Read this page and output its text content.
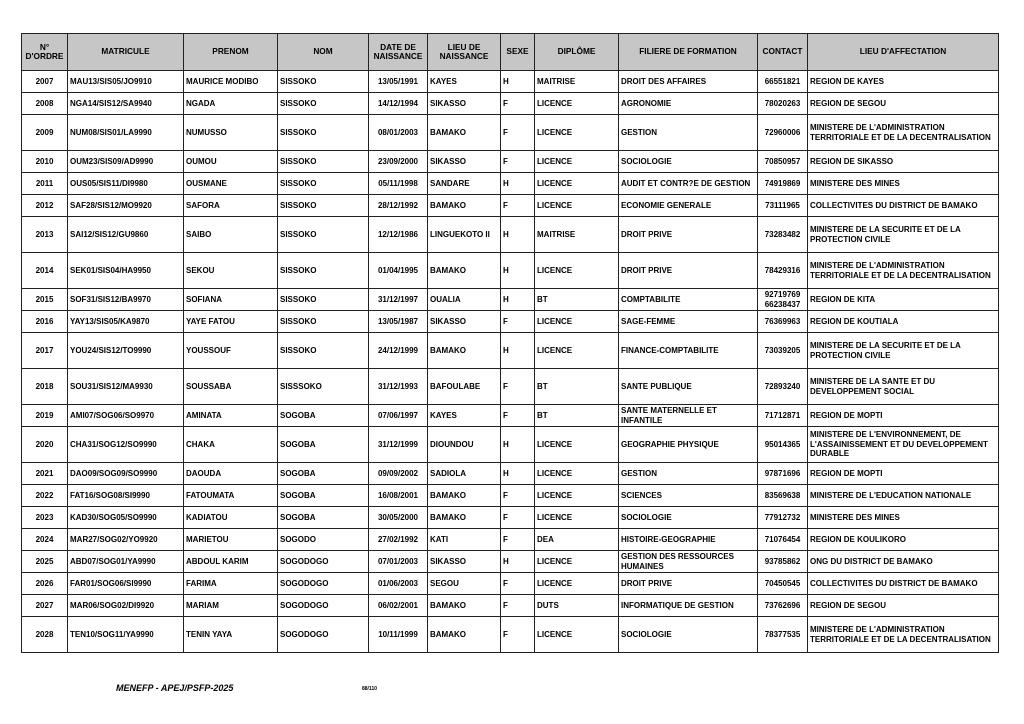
N° D'ORDRE	MATRICULE	PRENOM	NOM	DATE DE NAISSANCE	LIEU DE NAISSANCE	SEXE	DIPLÔME	FILIERE DE FORMATION	CONTACT	LIEU D'AFFECTATION
2007	MAU13/SIS05/JO9910	MAURICE MODIBO	SISSOKO	13/05/1991	KAYES	H	MAITRISE	DROIT DES AFFAIRES	66551821	REGION DE KAYES
2008	NGA14/SIS12/SA9940	NGADA	SISSOKO	14/12/1994	SIKASSO	F	LICENCE	AGRONOMIE	78020263	REGION DE SEGOU
2009	NUM08/SIS01/LA9990	NUMUSSO	SISSOKO	08/01/2003	BAMAKO	F	LICENCE	GESTION	72960006	MINISTERE DE L'ADMINISTRATION TERRITORIALE ET DE LA DECENTRALISATION
2010	OUM23/SIS09/AD9990	OUMOU	SISSOKO	23/09/2000	SIKASSO	F	LICENCE	SOCIOLOGIE	70850957	REGION DE SIKASSO
2011	OUS05/SIS11/DI9980	OUSMANE	SISSOKO	05/11/1998	SANDARE	H	LICENCE	AUDIT ET CONTR?E DE GESTION	74919869	MINISTERE DES MINES
2012	SAF28/SIS12/MO9920	SAFORA	SISSOKO	28/12/1992	BAMAKO	F	LICENCE	ECONOMIE GENERALE	73111965	COLLECTIVITES DU DISTRICT DE BAMAKO
2013	SAI12/SIS12/GU9860	SAIBO	SISSOKO	12/12/1986	LINGUEKOTO II	H	MAITRISE	DROIT PRIVE	73283482	MINISTERE DE LA SECURITE ET DE LA PROTECTION CIVILE
2014	SEK01/SIS04/HA9950	SEKOU	SISSOKO	01/04/1995	BAMAKO	H	LICENCE	DROIT PRIVE	78429316	MINISTERE DE L'ADMINISTRATION TERRITORIALE ET DE LA DECENTRALISATION
2015	SOF31/SIS12/BA9970	SOFIANA	SISSOKO	31/12/1997	OUALIA	H	BT	COMPTABILITE	92719769 66238437	REGION DE KITA
2016	YAY13/SIS05/KA9870	YAYE FATOU	SISSOKO	13/05/1987	SIKASSO	F	LICENCE	SAGE-FEMME	76369963	REGION DE KOUTIALA
2017	YOU24/SIS12/TO9990	YOUSSOUF	SISSOKO	24/12/1999	BAMAKO	H	LICENCE	FINANCE-COMPTABILITE	73039205	MINISTERE DE LA SECURITE ET DE LA PROTECTION CIVILE
2018	SOU31/SIS12/MA9930	SOUSSABA	SISSSOKO	31/12/1993	BAFOULABE	F	BT	SANTE PUBLIQUE	72893240	MINISTERE DE LA SANTE ET DU DEVELOPPEMENT SOCIAL
2019	AMI07/SOG06/SO9970	AMINATA	SOGOBA	07/06/1997	KAYES	F	BT	SANTE MATERNELLE ET INFANTILE	71712871	REGION DE MOPTI
2020	CHA31/SOG12/SO9990	CHAKA	SOGOBA	31/12/1999	DIOUNDOU	H	LICENCE	GEOGRAPHIE PHYSIQUE	95014365	MINISTERE DE L'ENVIRONNEMENT, DE L'ASSAINISSEMENT ET DU DEVELOPPEMENT DURABLE
2021	DAO09/SOG09/SO9990	DAOUDA	SOGOBA	09/09/2002	SADIOLA	H	LICENCE	GESTION	97871696	REGION DE MOPTI
2022	FAT16/SOG08/SI9990	FATOUMATA	SOGOBA	16/08/2001	BAMAKO	F	LICENCE	SCIENCES	83569638	MINISTERE DE L'EDUCATION NATIONALE
2023	KAD30/SOG05/SO9990	KADIATOU	SOGOBA	30/05/2000	BAMAKO	F	LICENCE	SOCIOLOGIE	77912732	MINISTERE DES MINES
2024	MAR27/SOG02/YO9920	MARIETOU	SOGODO	27/02/1992	KATI	F	DEA	HISTOIRE-GEOGRAPHIE	71076454	REGION DE KOULIKORO
2025	ABD07/SOG01/YA9990	ABDOUL KARIM	SOGODOGO	07/01/2003	SIKASSO	H	LICENCE	GESTION DES RESSOURCES HUMAINES	93785862	ONG DU DISTRICT DE BAMAKO
2026	FAR01/SOG06/SI9990	FARIMA	SOGODOGO	01/06/2003	SEGOU	F	LICENCE	DROIT PRIVE	70450545	COLLECTIVITES DU DISTRICT DE BAMAKO
2027	MAR06/SOG02/DI9920	MARIAM	SOGODOGO	06/02/2001	BAMAKO	F	DUTS	INFORMATIQUE DE GESTION	73762696	REGION DE SEGOU
2028	TEN10/SOG11/YA9990	TENIN YAYA	SOGODOGO	10/11/1999	BAMAKO	F	LICENCE	SOCIOLOGIE	78377535	MINISTERE DE L'ADMINISTRATION TERRITORIALE ET DE LA DECENTRALISATION
MENEFP - APEJ/PSFP-2025	88/110
